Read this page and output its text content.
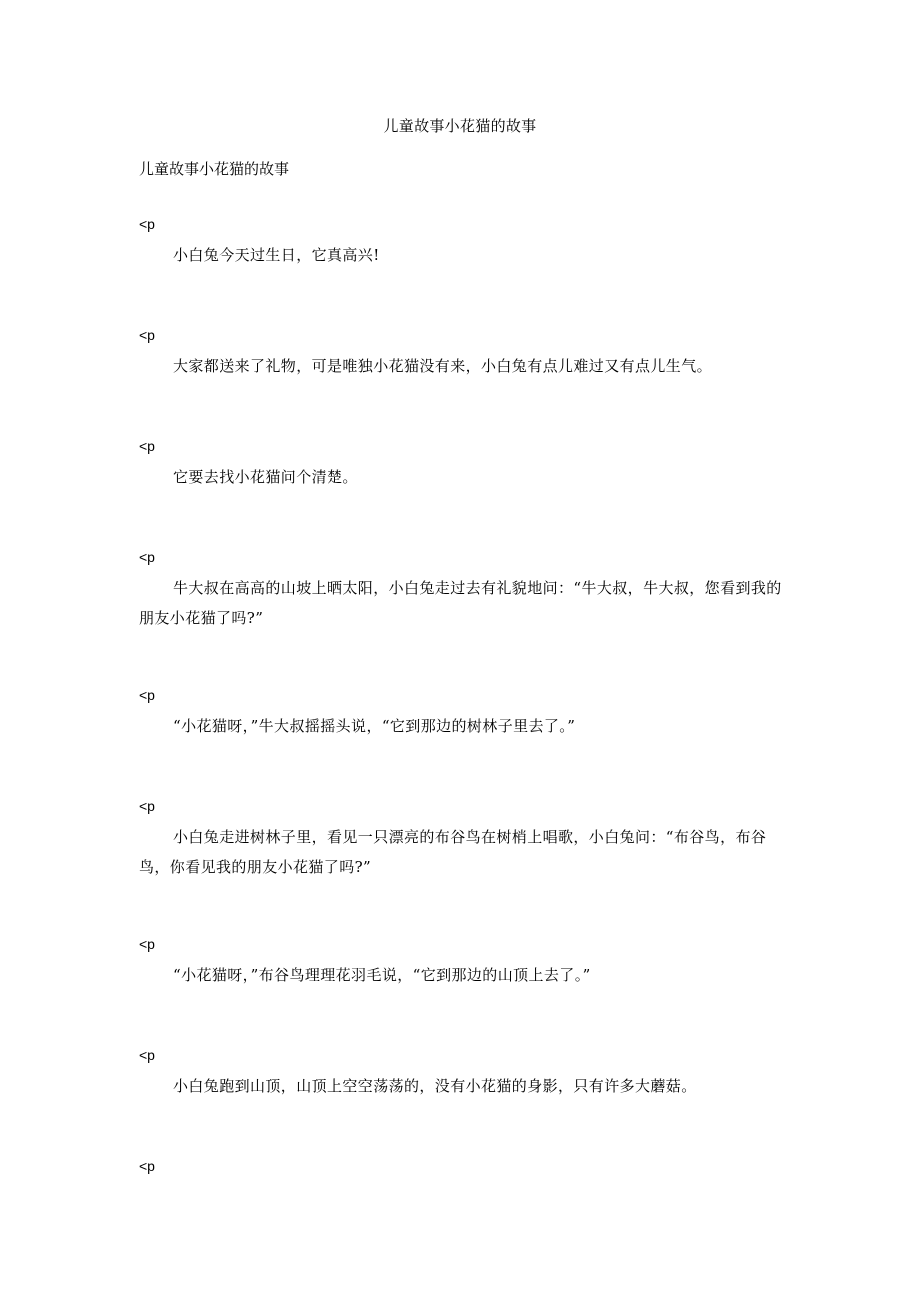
儿童故事小花猫的故事
儿童故事小花猫的故事
<p
小白兔今天过生日，它真高兴!
<p
大家都送来了礼物，可是唯独小花猫没有来，小白兔有点儿难过又有点儿生气。
<p
它要去找小花猫问个清楚。
<p
牛大叔在高高的山坡上晒太阳，小白兔走过去有礼貌地问：“牛大叔，牛大叔，您看到我的朋友小花猫了吗?”
<p
“小花猫呀，”牛大叔摇摇头说，“它到那边的树林子里去了。”
<p
小白兔走进树林子里，看见一只漂亮的布谷鸟在树梢上唱歌，小白兔问：“布谷鸟，布谷鸟，你看见我的朋友小花猫了吗?”
<p
“小花猫呀，”布谷鸟理理花羽毛说，“它到那边的山顶上去了。”
<p
小白兔跑到山顶，山顶上空空荡荡的，没有小花猫的身影，只有许多大蘑菇。
<p
